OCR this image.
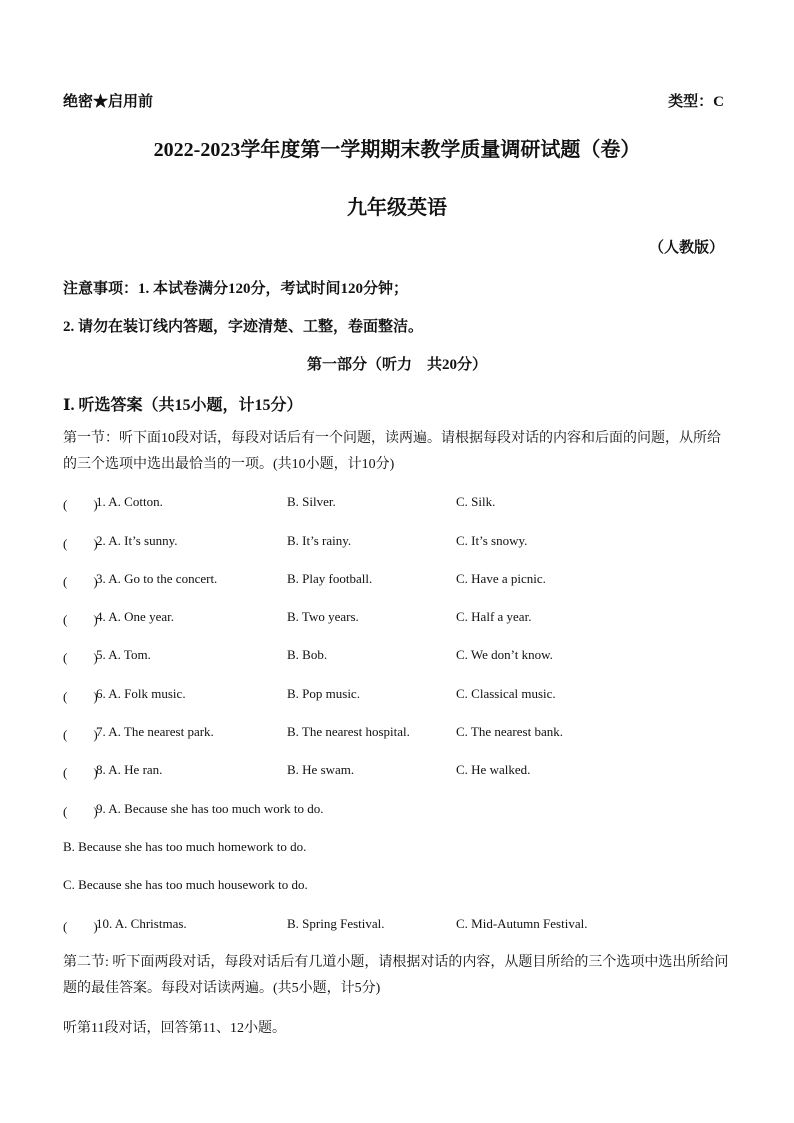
绝密★启用前	类型：C
2022-2023学年度第一学期期末教学质量调研试题（卷）
九年级英语
（人教版）
注意事项：1. 本试卷满分120分，考试时间120分钟；
2. 请勿在装订线内答题，字迹清楚、工整，卷面整洁。
第一部分（听力　共20分）
Ⅰ. 听选答案（共15小题，计15分）
第一节：听下面10段对话，每段对话后有一个问题，读两遍。请根据每段对话的内容和后面的问题，从所给的三个选项中选出最恰当的一项。(共10小题，计10分)
(　　)
1. A. Cotton.	B. Silver.	C. Silk.
(　　)
2. A. It’s sunny.	B. It’s rainy.	C. It’s snowy.
(　　)
3. A. Go to the concert.	B. Play football.	C. Have a picnic.
(　　)
4. A. One year.	B. Two years.	C. Half a year.
(　　)
5. A. Tom.	B. Bob.	C. We don’t know.
(　　)
6. A. Folk music.	B. Pop music.	C. Classical music.
(　　)
7. A. The nearest park.	B. The nearest hospital.	C. The nearest bank.
(　　)
8. A. He ran.	B. He swam.	C. He walked.
(　　)
9. A. Because she has too much work to do.
B. Because she has too much homework to do.
C. Because she has too much housework to do.
(　　)
10. A. Christmas.	B. Spring Festival.	C. Mid-Autumn Festival.
第二节: 听下面两段对话，每段对话后有几道小题，请根据对话的内容，从题目所给的三个选项中选出所给问题的最佳答案。每段对话读两遍。(共5小题，计5分)
听第11段对话，回答第11、12小题。
